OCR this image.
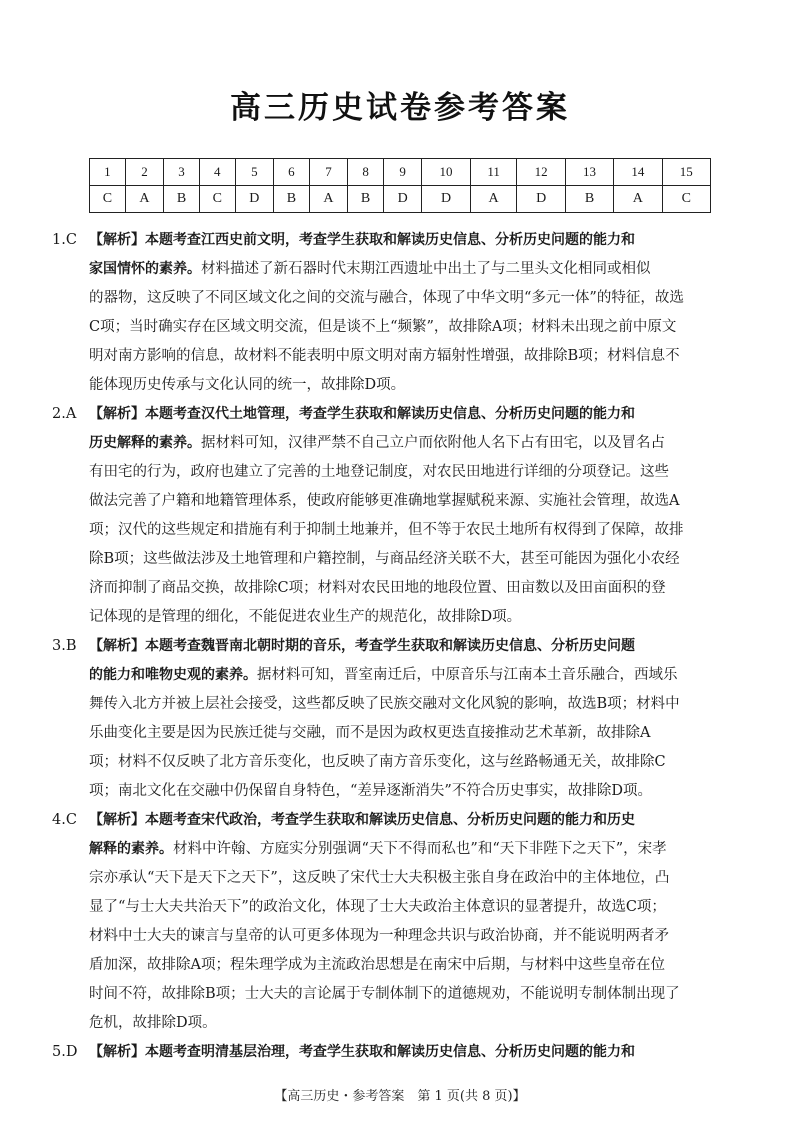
高三历史试卷参考答案
1	2	3	4	5	6	7	8	9	10	11	12	13	14	15
C	A	B	C	D	B	A	B	D	D	A	D	B	A	C
1.C 【解析】本题考查江西史前文明，考查学生获取和解读历史信息、分析历史问题的能力和

家国情怀的素养。材料描述了新石器时代末期江西遗址中出土了与二里头文化相同或相似

的器物，这反映了不同区域文化之间的交流与融合，体现了中华文明“多元一体”的特征，故选

C项；当时确实存在区域文明交流，但是谈不上“频繁”，故排除A项；材料未出现之前中原文

明对南方影响的信息，故材料不能表明中原文明对南方辐射性增强，故排除B项；材料信息不

能体现历史传承与文化认同的统一，故排除D项。

2.A 【解析】本题考查汉代土地管理，考查学生获取和解读历史信息、分析历史问题的能力和

历史解释的素养。据材料可知，汉律严禁不自己立户而依附他人名下占有田宅，以及冒名占

有田宅的行为，政府也建立了完善的土地登记制度，对农民田地进行详细的分项登记。这些

做法完善了户籍和地籍管理体系，使政府能够更准确地掌握赋税来源、实施社会管理，故选A

项；汉代的这些规定和措施有利于抑制土地兼并，但不等于农民土地所有权得到了保障，故排

除B项；这些做法涉及土地管理和户籍控制，与商品经济关联不大，甚至可能因为强化小农经

济而抑制了商品交换，故排除C项；材料对农民田地的地段位置、田亩数以及田亩面积的登

记体现的是管理的细化，不能促进农业生产的规范化，故排除D项。

3.B 【解析】本题考查魏晋南北朝时期的音乐，考查学生获取和解读历史信息、分析历史问题

的能力和唯物史观的素养。据材料可知，晋室南迁后，中原音乐与江南本土音乐融合，西域乐

舞传入北方并被上层社会接受，这些都反映了民族交融对文化风貌的影响，故选B项；材料中

乐曲变化主要是因为民族迁徙与交融，而不是因为政权更迭直接推动艺术革新，故排除A

项；材料不仅反映了北方音乐变化，也反映了南方音乐变化，这与丝路畅通无关，故排除C

项；南北文化在交融中仍保留自身特色，“差异逐渐消失”不符合历史事实，故排除D项。

4.C 【解析】本题考查宋代政治，考查学生获取和解读历史信息、分析历史问题的能力和历史

解释的素养。材料中许翰、方庭实分别强调“天下不得而私也”和“天下非陛下之天下”，宋孝

宗亦承认“天下是天下之天下”，这反映了宋代士大夫积极主张自身在政治中的主体地位，凸

显了“与士大夫共治天下”的政治文化，体现了士大夫政治主体意识的显著提升，故选C项；

材料中士大夫的谏言与皇帝的认可更多体现为一种理念共识与政治协商，并不能说明两者矛

盾加深，故排除A项；程朱理学成为主流政治思想是在南宋中后期，与材料中这些皇帝在位

时间不符，故排除B项；士大夫的言论属于专制体制下的道德规劝，不能说明专制体制出现了

危机，故排除D项。

5.D 【解析】本题考查明清基层治理，考查学生获取和解读历史信息、分析历史问题的能力和

【高三历史・参考答案　第 1 页(共 8 页)】
